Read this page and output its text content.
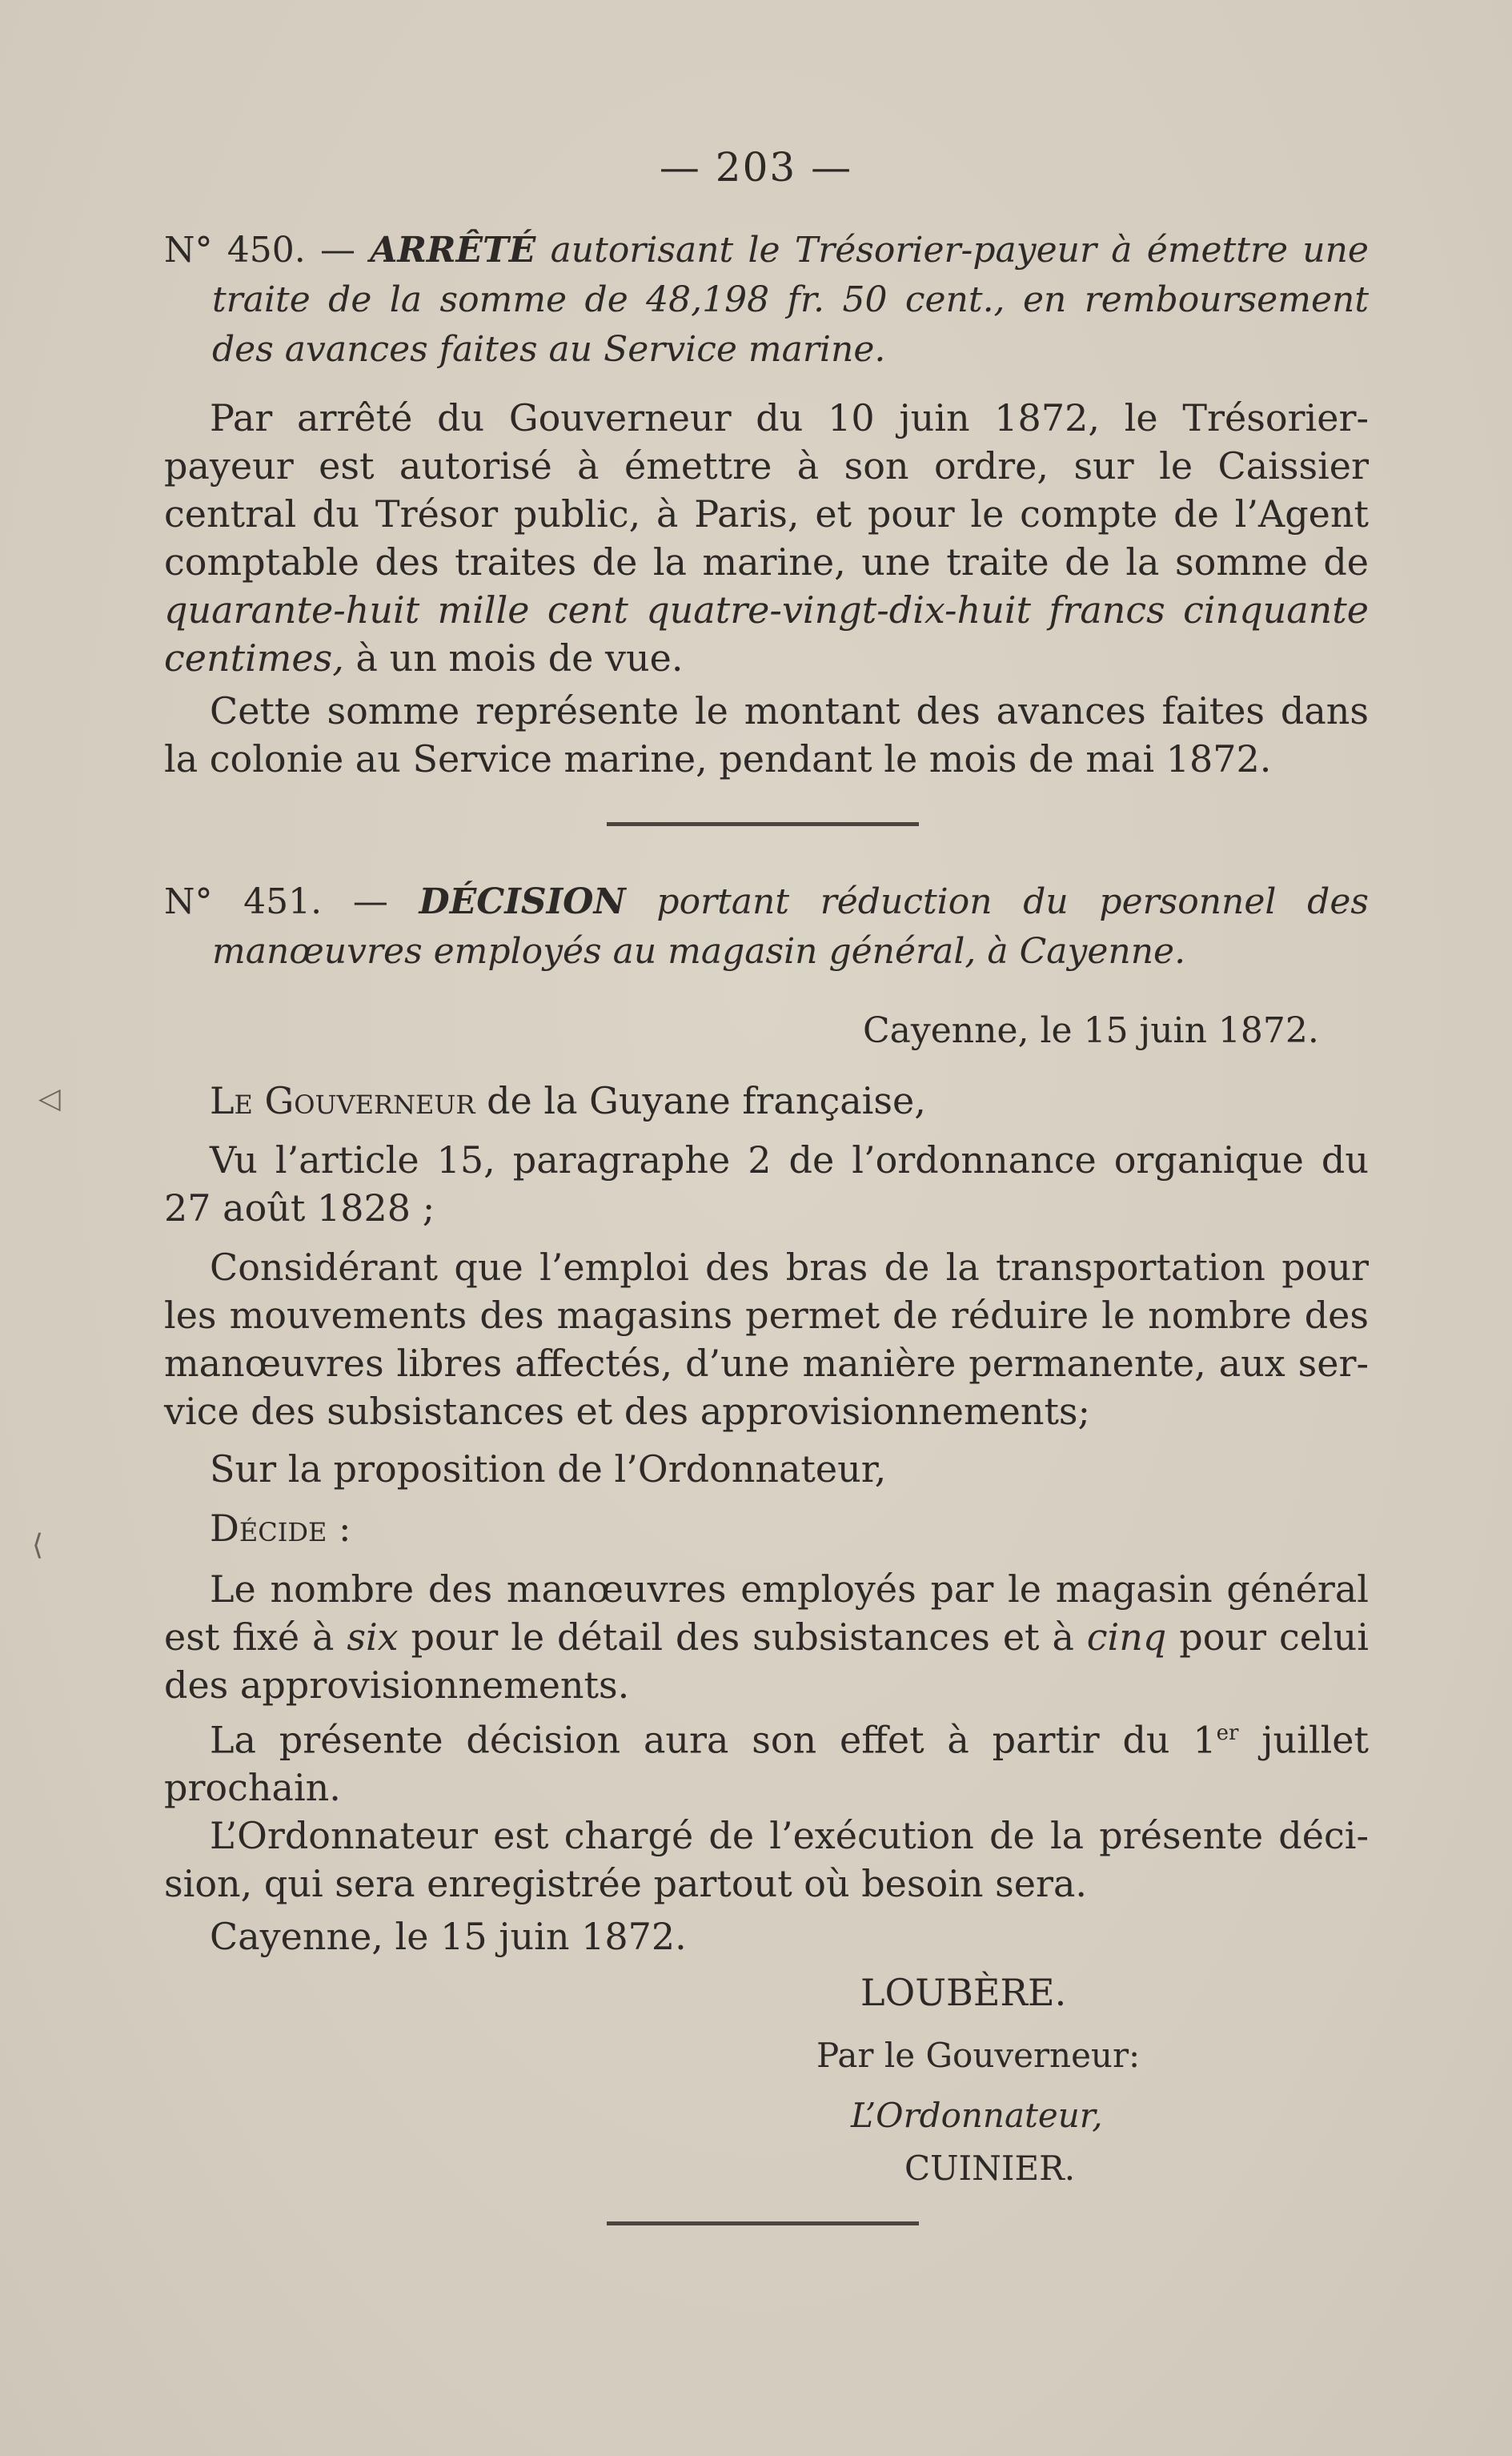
— 203 —
N° 450. — ARRÊTÉ autorisant le Trésorier-payeur à émettre une traite de la somme de 48,198 fr. 50 cent., en remboursement des avances faites au Service marine.

Par arrêté du Gouverneur du 10 juin 1872, le Trésorier-payeur est autorisé à émettre à son ordre, sur le Caissier central du Trésor public, à Paris, et pour le compte de l’Agent comptable des traites de la marine, une traite de la somme de quarante-huit mille cent quatre-vingt-dix-huit francs cinquante centimes, à un mois de vue.

Cette somme représente le montant des avances faites dans la colonie au Service marine, pendant le mois de mai 1872.

N° 451. — DÉCISION portant réduction du personnel des manœuvres employés au magasin général, à Cayenne.
Cayenne, le 15 juin 1872.
◁	Le Gouverneur de la Guyane française,

Vu l’article 15, paragraphe 2 de l’ordonnance organique du 27 août 1828 ;

Considérant que l’emploi des bras de la transportation pour les mouvements des magasins permet de réduire le nombre des manœuvres libres affectés, d’une manière permanente, aux service des subsistances et des approvisionnements;

Sur la proposition de l’Ordonnateur,

Décide :

Le nombre des manœuvres employés par le magasin général est fixé à six pour le détail des subsistances et à cinq pour celui des approvisionnements.

La présente décision aura son effet à partir du 1er juillet prochain.

L’Ordonnateur est chargé de l’exécution de la présente décision, qui sera enregistrée partout où besoin sera.

Cayenne, le 15 juin 1872.

⟨
LOUBÈRE.
Par le Gouverneur:
L’Ordonnateur,
CUINIER.
